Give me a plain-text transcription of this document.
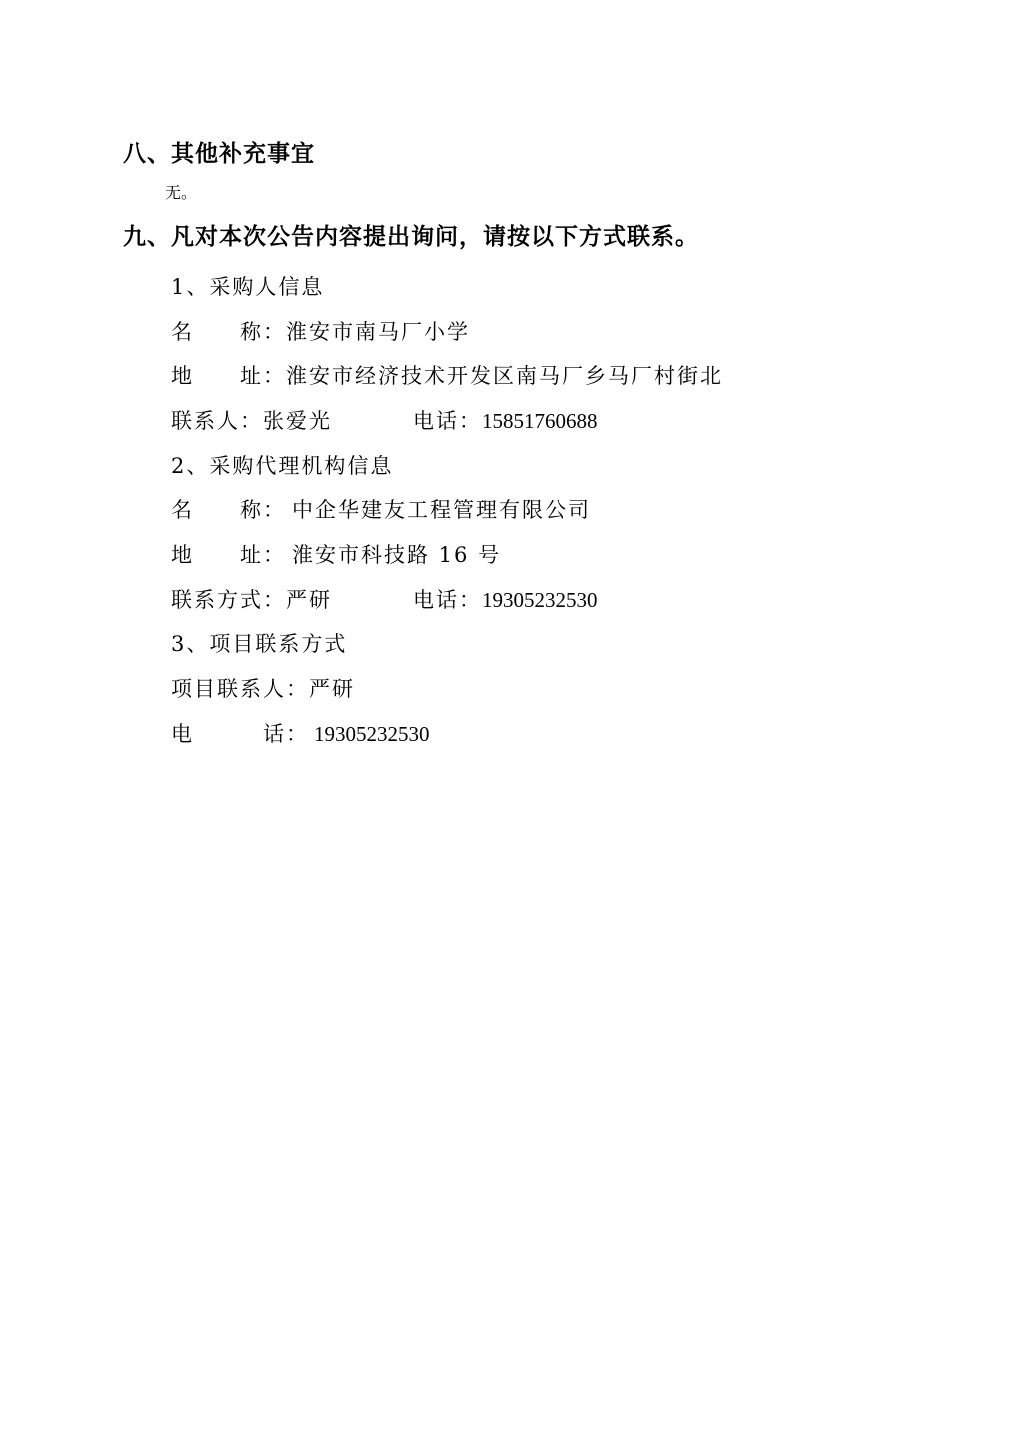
八、其他补充事宜
无。
九、凡对本次公告内容提出询问，请按以下方式联系。
1、采购人信息
名　　称：淮安市南马厂小学
地　　址：淮安市经济技术开发区南马厂乡马厂村街北
联系人：张爱光	电话：15851760688
2、采购代理机构信息
名　　称： 中企华建友工程管理有限公司
地　　址： 淮安市科技路 16 号
联系方式：严研	电话：19305232530
3、项目联系方式
项目联系人：严研
电　　　话： 19305232530
